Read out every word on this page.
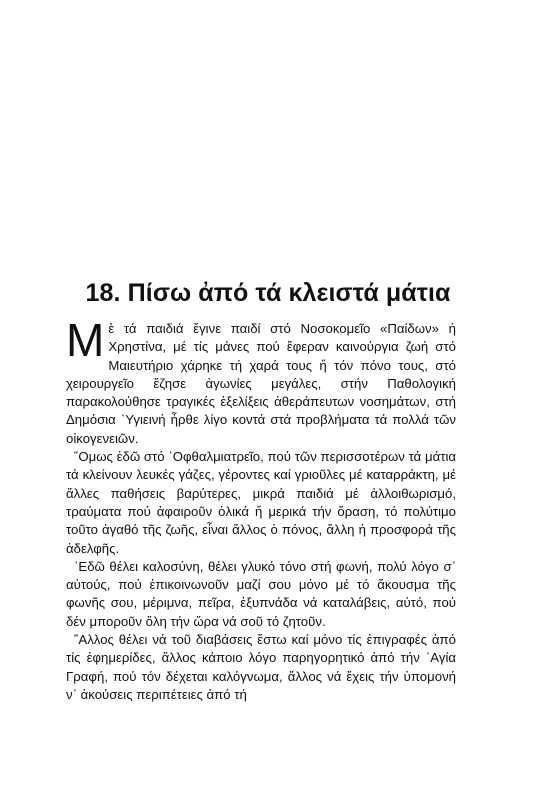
18. Πίσω ἀπό τά κλειστά μάτια

Μὲ τά παιδιά ἔγινε παιδί στό Νοσοκομεῖο «Παίδων» ἡ Χρηστίνα, μέ τίς μάνες πού ἔφεραν καινούργια ζωή στό Μαιευτήριο χάρηκε τή χαρά τους ἤ τόν πόνο τους, στό χειρουργεῖο ἔζησε ἀγωνίες μεγάλες, στήν Παθολογική παρακολούθησε τραγικές ἐξελίξεις ἀθεράπευτων νοσημάτων, στή Δημόσια ῾Υγιεινή ἦρθε λίγο κοντά στά προβλήματα τά πολλά τῶν οἰκογενειῶν.

῞Ομως ἐδῶ στό ᾿Οφθαλμιατρεῖο, πού τῶν περισσοτέρων τά μάτια τά κλείνουν λευκές γάζες, γέροντες καί γριοῦλες μέ καταρράκτη, μέ ἄλλες παθήσεις βαρύτερες, μικρά παιδιά μέ ἀλλοιθωρισμό, τραύματα πού ἀφαιροῦν ὁλικά ἤ μερικά τήν ὅραση, τό πολύτιμο τοῦτο ἀγαθό τῆς ζωῆς, εἶναι ἄλλος ὁ πόνος, ἄλλη ἡ προσφορά τῆς ἀδελφῆς.

᾿Εδῶ θέλει καλοσύνη, θέλει γλυκό τόνο στή φωνή, πολύ λόγο σ᾿ αὐτούς, πού ἐπικοινωνοῦν μαζί σου μόνο μέ τό ἄκουσμα τῆς φωνῆς σου, μέριμνα, πεῖρα, ἐξυπνάδα νά καταλάβεις, αὐτό, πού δέν μποροῦν ὅλη τήν ὥρα νά σοῦ τό ζητοῦν.

῎Αλλος θέλει νά τοῦ διαβάσεις ἔστω καί μόνο τίς ἐπιγραφές ἀπό τίς ἐφημερίδες, ἄλλος κάποιο λόγο παρηγορητικό ἀπό τήν ῾Αγία Γραφή, πού τόν δέχεται καλόγνωμα, ἄλλος νά ἔχεις τήν ὑπομονή ν᾿ ἀκούσεις περιπέτειες ἀπό τή
